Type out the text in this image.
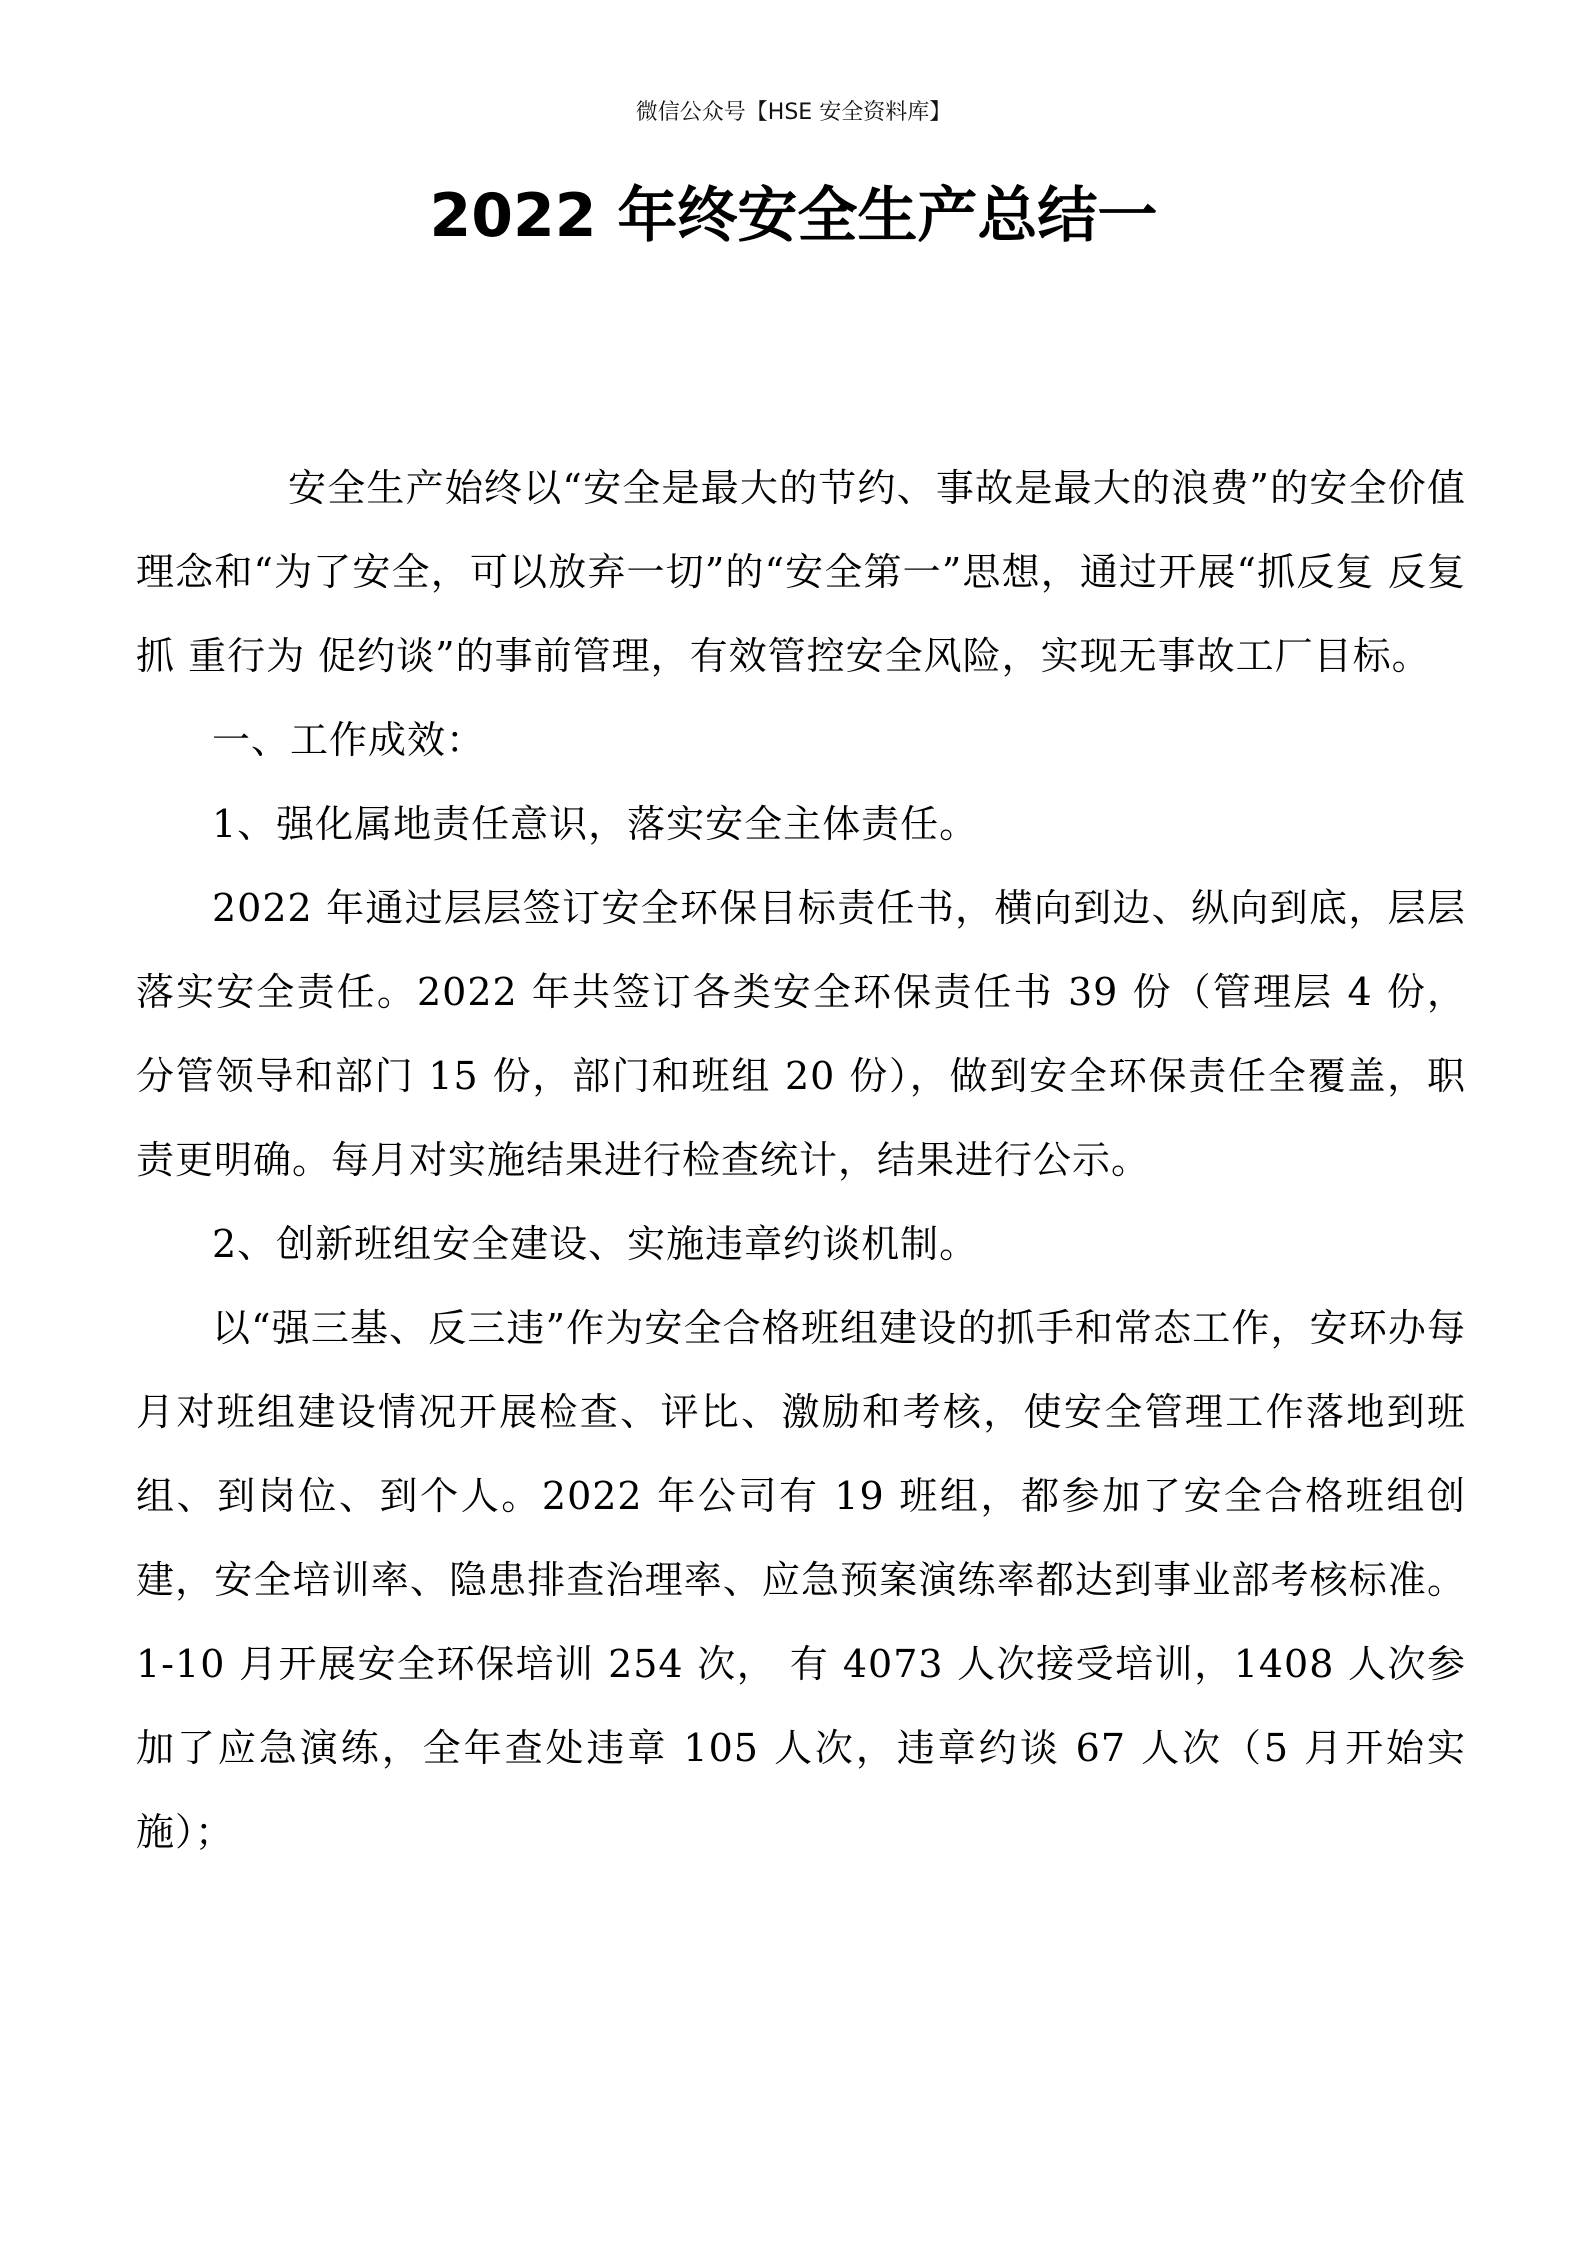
微信公众号【HSE 安全资料库】
2022 年终安全生产总结一

安全生产始终以“安全是最大的节约、事故是最大的浪费”的安全价值理念和“为了安全，可以放弃一切”的“安全第一”思想，通过开展“抓反复 反复抓 重行为 促约谈”的事前管理，有效管控安全风险，实现无事故工厂目标。

一、工作成效：

1、强化属地责任意识，落实安全主体责任。

2022 年通过层层签订安全环保目标责任书，横向到边、纵向到底，层层落实安全责任。2022 年共签订各类安全环保责任书 39 份（管理层 4 份，分管领导和部门 15 份，部门和班组 20 份），做到安全环保责任全覆盖，职责更明确。每月对实施结果进行检查统计，结果进行公示。

2、创新班组安全建设、实施违章约谈机制。

以“强三基、反三违”作为安全合格班组建设的抓手和常态工作，安环办每月对班组建设情况开展检查、评比、激励和考核，使安全管理工作落地到班组、到岗位、到个人。2022 年公司有 19 班组，都参加了安全合格班组创建，安全培训率、隐患排查治理率、应急预案演练率都达到事业部考核标准。1-10 月开展安全环保培训 254 次， 有 4073 人次接受培训，1408 人次参加了应急演练，全年查处违章 105 人次，违章约谈 67 人次（5 月开始实施）；
